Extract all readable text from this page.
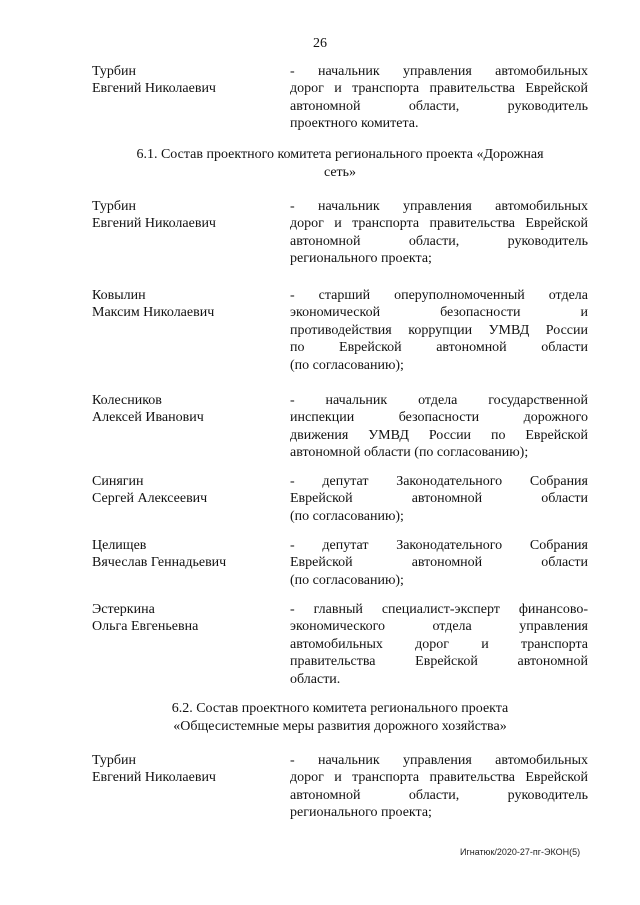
26
Турбин
Евгений Николаевич
- начальник управления автомобильных
дорог и транспорта правительства Еврейской
автономной области, руководитель
проектного комитета.
6.1. Состав проектного комитета регионального проекта «Дорожная
сеть»
Турбин
Евгений Николаевич
- начальник управления автомобильных
дорог и транспорта правительства Еврейской
автономной области, руководитель
регионального проекта;
Ковылин
Максим Николаевич
- старший оперуполномоченный отдела
экономической безопасности и
противодействия коррупции УМВД России
по Еврейской автономной области
(по согласованию);
Колесников
Алексей Иванович
- начальник отдела государственной
инспекции безопасности дорожного
движения УМВД России по Еврейской
автономной области (по согласованию);
Синягин
Сергей Алексеевич
- депутат Законодательного Собрания
Еврейской автономной области
(по согласованию);
Целищев
Вячеслав Геннадьевич
- депутат Законодательного Собрания
Еврейской автономной области
(по согласованию);
Эстеркина
Ольга Евгеньевна
- главный специалист-эксперт финансово-
экономического отдела управления
автомобильных дорог и транспорта
правительства Еврейской автономной
области.
6.2. Состав проектного комитета регионального проекта
«Общесистемные меры развития дорожного хозяйства»
Турбин
Евгений Николаевич
- начальник управления автомобильных
дорог и транспорта правительства Еврейской
автономной области, руководитель
регионального проекта;
Игнатюк/2020-27-пг-ЭКОН(5)
